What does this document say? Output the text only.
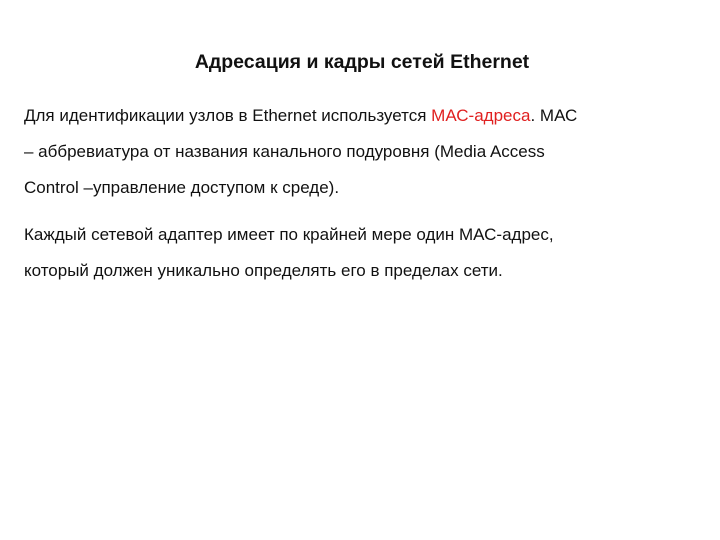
Адресация и кадры сетей Ethernet

Для идентификации узлов в Ethernet используется МАС-адреса. МАС
– аббревиатура от названия канального подуровня (Media Access
Control –управление доступом к среде).

Каждый сетевой адаптер имеет по крайней мере один МАС-адрес,
который должен уникально определять его в пределах сети.
